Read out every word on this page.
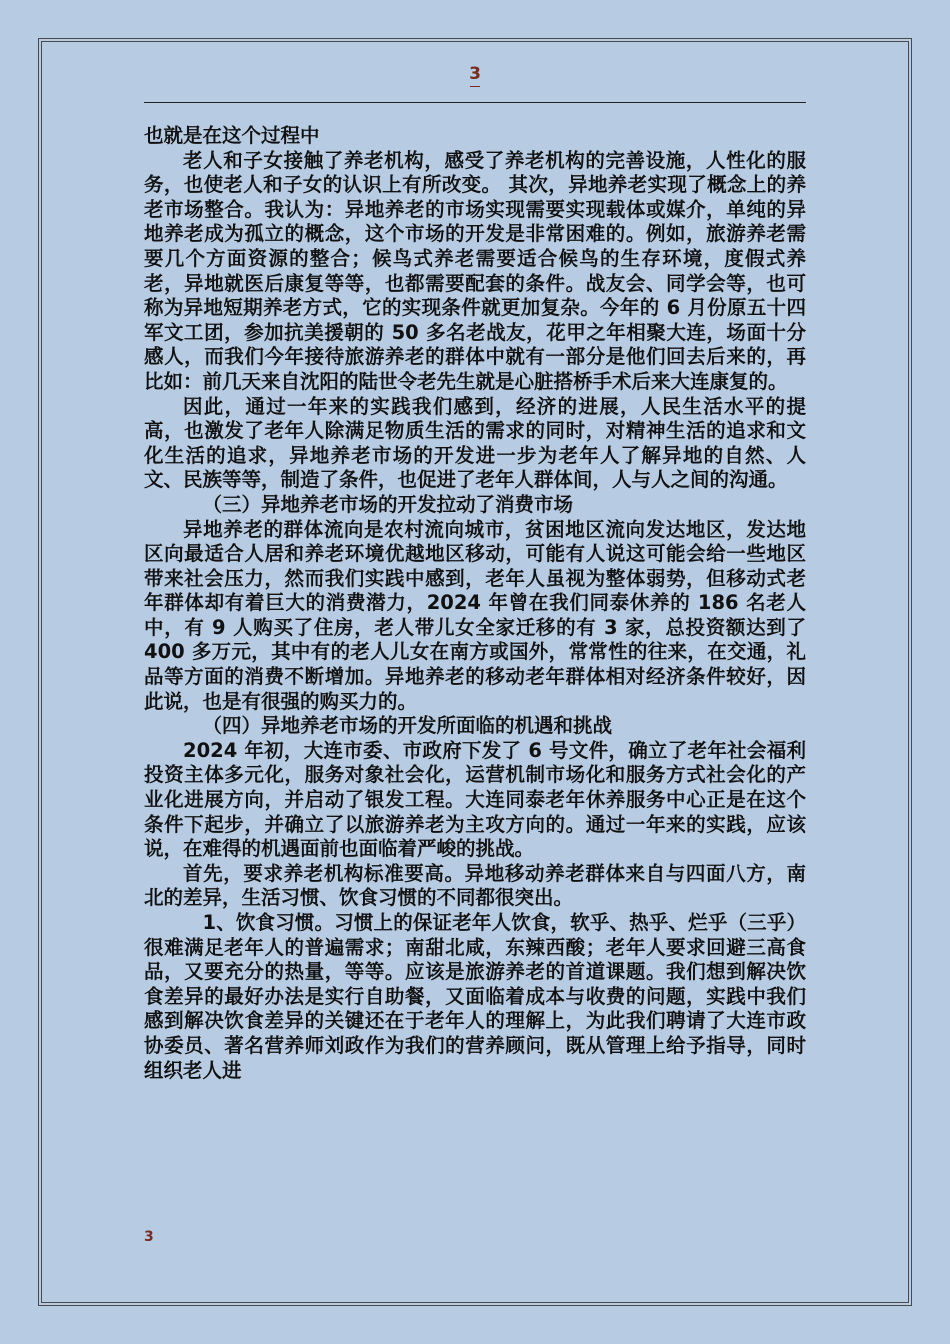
3

也就是在这个过程中

老人和子女接触了养老机构，感受了养老机构的完善设施，人性化的服务，也使老人和子女的认识上有所改变。 其次，异地养老实现了概念上的养老市场整合。我认为：异地养老的市场实现需要实现载体或媒介，单纯的异地养老成为孤立的概念，这个市场的开发是非常困难的。例如，旅游养老需要几个方面资源的整合；候鸟式养老需要适合候鸟的生存环境，度假式养老，异地就医后康复等等，也都需要配套的条件。战友会、同学会等，也可称为异地短期养老方式，它的实现条件就更加复杂。今年的 6 月份原五十四军文工团，参加抗美援朝的 50 多名老战友，花甲之年相聚大连，场面十分感人，而我们今年接待旅游养老的群体中就有一部分是他们回去后来的，再比如：前几天来自沈阳的陆世令老先生就是心脏搭桥手术后来大连康复的。

因此，通过一年来的实践我们感到，经济的进展，人民生活水平的提高，也激发了老年人除满足物质生活的需求的同时，对精神生活的追求和文化生活的追求，异地养老市场的开发进一步为老年人了解异地的自然、人文、民族等等，制造了条件，也促进了老年人群体间，人与人之间的沟通。

（三）异地养老市场的开发拉动了消费市场

异地养老的群体流向是农村流向城市，贫困地区流向发达地区，发达地区向最适合人居和养老环境优越地区移动，可能有人说这可能会给一些地区带来社会压力，然而我们实践中感到，老年人虽视为整体弱势，但移动式老年群体却有着巨大的消费潜力，2024 年曾在我们同泰休养的 186 名老人中，有 9 人购买了住房，老人带儿女全家迁移的有 3 家，总投资额达到了 400 多万元，其中有的老人儿女在南方或国外，常常性的往来，在交通，礼品等方面的消费不断增加。异地养老的移动老年群体相对经济条件较好，因此说，也是有很强的购买力的。

（四）异地养老市场的开发所面临的机遇和挑战

2024 年初，大连市委、市政府下发了 6 号文件，确立了老年社会福利投资主体多元化，服务对象社会化，运营机制市场化和服务方式社会化的产业化进展方向，并启动了银发工程。大连同泰老年休养服务中心正是在这个条件下起步，并确立了以旅游养老为主攻方向的。通过一年来的实践，应该说，在难得的机遇面前也面临着严峻的挑战。

首先，要求养老机构标准要高。异地移动养老群体来自与四面八方，南北的差异，生活习惯、饮食习惯的不同都很突出。

1、饮食习惯。习惯上的保证老年人饮食，软乎、热乎、烂乎（三乎）很难满足老年人的普遍需求；南甜北咸，东辣西酸；老年人要求回避三高食品，又要充分的热量，等等。应该是旅游养老的首道课题。我们想到解决饮食差异的最好办法是实行自助餐，又面临着成本与收费的问题，实践中我们感到解决饮食差异的关键还在于老年人的理解上，为此我们聘请了大连市政协委员、著名营养师刘政作为我们的营养顾问，既从管理上给予指导，同时组织老人进

3
